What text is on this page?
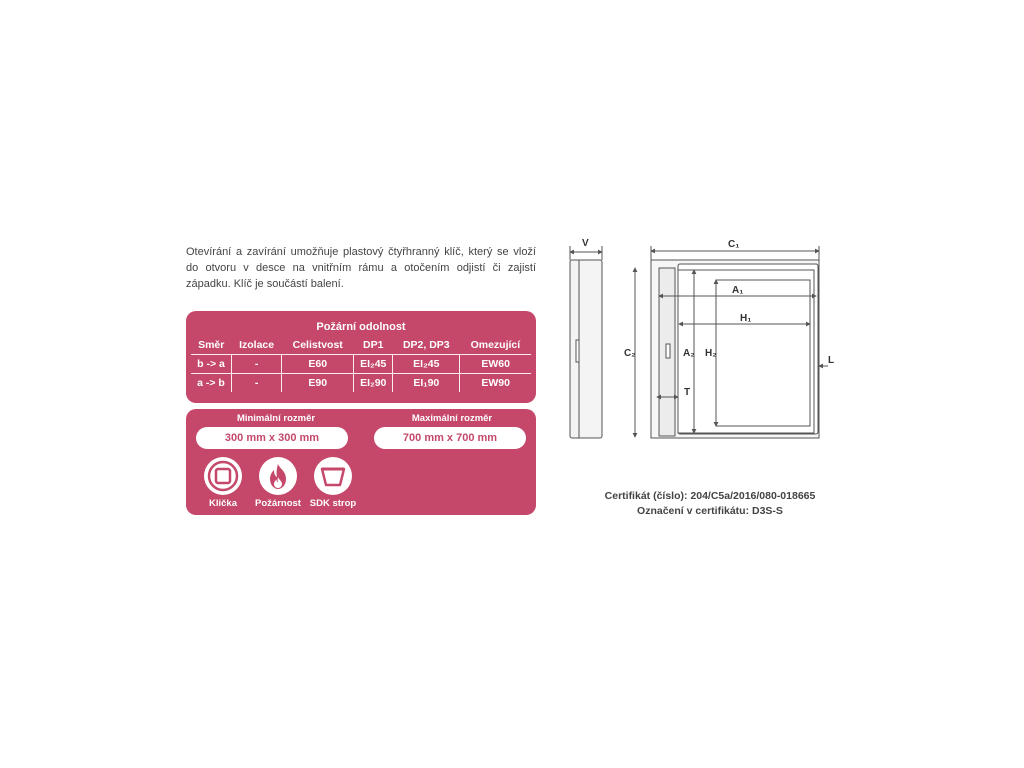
Otevírání a zavírání umožňuje plastový čtyřhranný klíč, který se vloží do otvoru v desce na vnitřním rámu a otočením odjistí či zajistí západku. Klíč je součástí balení.
Požární odolnost
Směr	Izolace	Celistvost	DP1	DP2, DP3	Omezující
b -> a	-	E60	EI₂45	EI₂45	EW60
a -> b	-	E90	EI₂90	EI₁90	EW90
Minimální rozměr
300 mm x 300 mm
Maximální rozměr
700 mm x 700 mm
Klička	Požárnost SDK strop
V	C₁
A₁
H₁
C₂	A₂ H₂
T
L
Certifikát (číslo): 204/C5a/2016/080-018665
Označení v certifikátu: D3S-S
